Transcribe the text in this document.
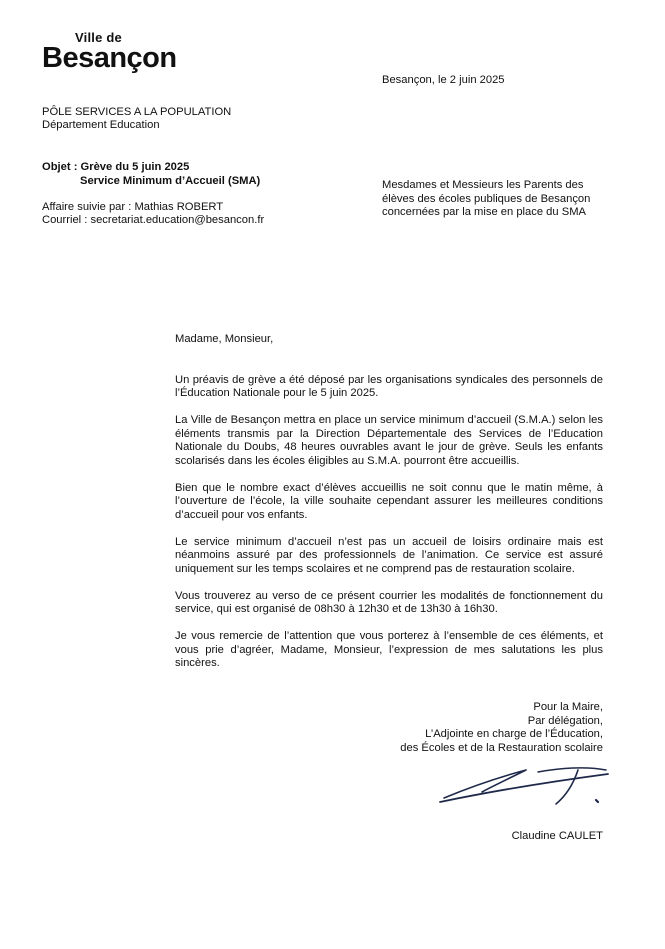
Ville de
Besançon
Besançon, le 2 juin 2025
PÔLE SERVICES A LA POPULATION
Département Education
Objet : Grève du 5 juin 2025
Service Minimum d’Accueil (SMA)
Affaire suivie par : Mathias ROBERT
Courriel : secretariat.education@besancon.fr
Mesdames et Messieurs les Parents des élèves des écoles publiques de Besançon concernées par la mise en place du SMA

Madame, Monsieur,

Un préavis de grève a été déposé par les organisations syndicales des personnels de l’Éducation Nationale pour le 5 juin 2025.

La Ville de Besançon mettra en place un service minimum d’accueil (S.M.A.) selon les éléments transmis par la Direction Départementale des Services de l’Education Nationale du Doubs, 48 heures ouvrables avant le jour de grève. Seuls les enfants scolarisés dans les écoles éligibles au S.M.A. pourront être accueillis.

Bien que le nombre exact d’élèves accueillis ne soit connu que le matin même, à l’ouverture de l’école, la ville souhaite cependant assurer les meilleures conditions d’accueil pour vos enfants.

Le service minimum d’accueil n’est pas un accueil de loisirs ordinaire mais est néanmoins assuré par des professionnels de l’animation. Ce service est assuré uniquement sur les temps scolaires et ne comprend pas de restauration scolaire.

Vous trouverez au verso de ce présent courrier les modalités de fonctionnement du service, qui est organisé de 08h30 à 12h30 et de 13h30 à 16h30.

Je vous remercie de l’attention que vous porterez à l’ensemble de ces éléments, et vous prie d’agréer, Madame, Monsieur, l’expression de mes salutations les plus sincères.

Pour la Maire,
Par délégation,
L’Adjointe en charge de l’Éducation,
des Écoles et de la Restauration scolaire
Claudine CAULET
